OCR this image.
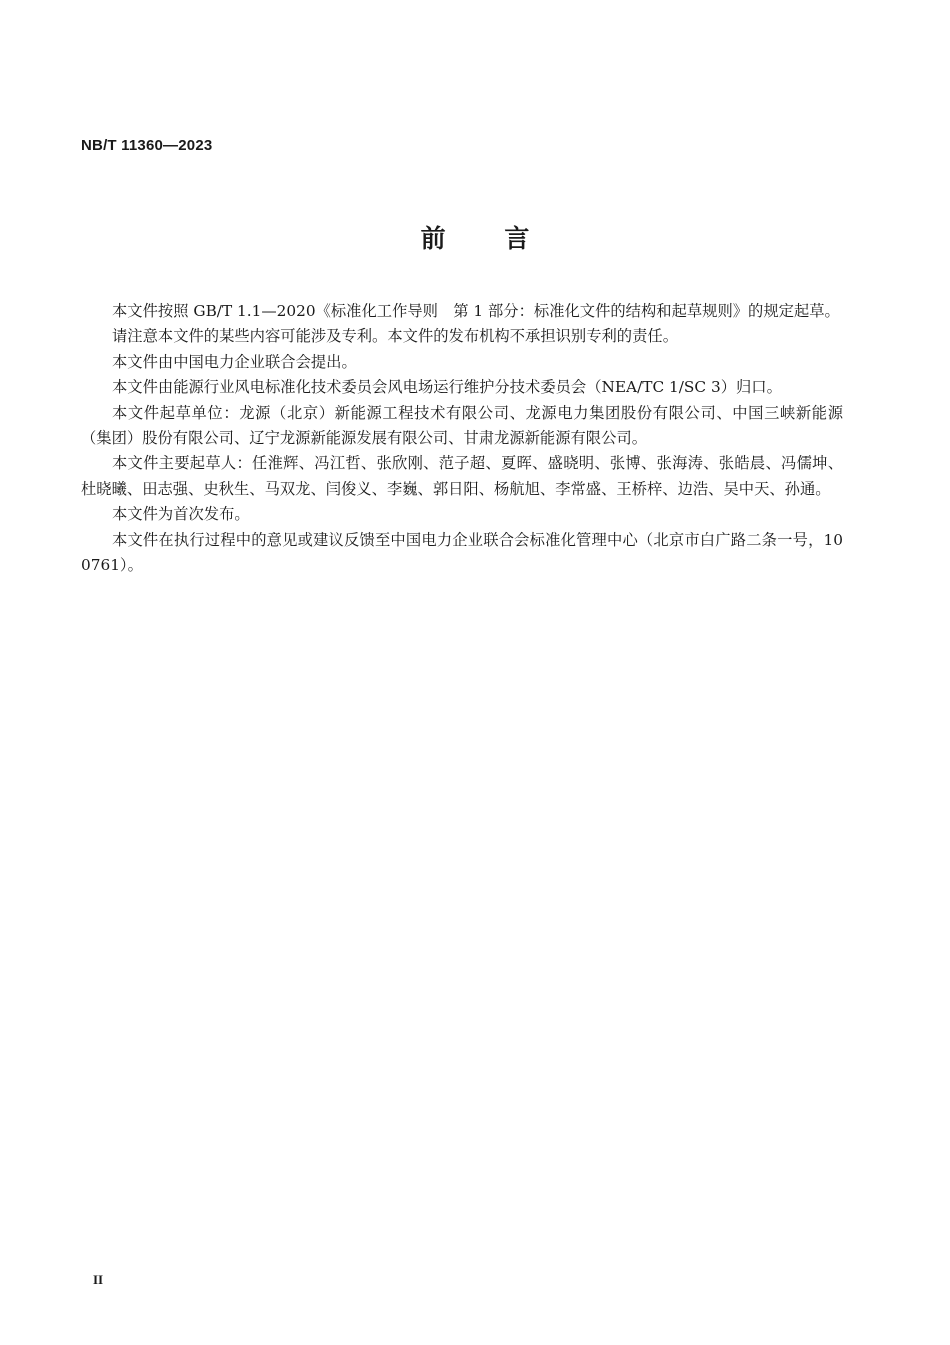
NB/T 11360—2023
前 言

本文件按照 GB/T 1.1—2020《标准化工作导则　第 1 部分：标准化文件的结构和起草规则》的规定起草。

请注意本文件的某些内容可能涉及专利。本文件的发布机构不承担识别专利的责任。

本文件由中国电力企业联合会提出。

本文件由能源行业风电标准化技术委员会风电场运行维护分技术委员会（NEA/TC 1/SC 3）归口。

本文件起草单位：龙源（北京）新能源工程技术有限公司、龙源电力集团股份有限公司、中国三峡新能源（集团）股份有限公司、辽宁龙源新能源发展有限公司、甘肃龙源新能源有限公司。

本文件主要起草人：任淮辉、冯江哲、张欣刚、范子超、夏晖、盛晓明、张博、张海涛、张皓晨、冯儒坤、杜晓曦、田志强、史秋生、马双龙、闫俊义、李巍、郭日阳、杨航旭、李常盛、王桥梓、边浩、吴中天、孙通。

本文件为首次发布。

本文件在执行过程中的意见或建议反馈至中国电力企业联合会标准化管理中心（北京市白广路二条一号，100761）。

II
